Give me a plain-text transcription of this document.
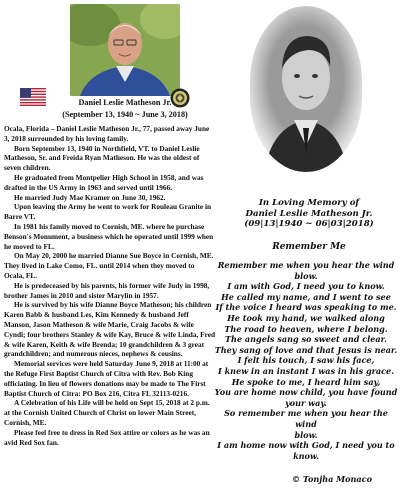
Daniel Leslie Matheson Jr.
(September 13, 1940 ~ June 3, 2018)

Ocala, Florida – Daniel Leslie Matheson Jr., 77, passed away June 3, 2018 surrounded by his loving family.

Born September 13, 1940 in Northfield, VT. to Daniel Leslie Matheson, Sr. and Freida Ryan Matheson. He was the oldest of seven children.

He graduated from Montpelier High School in 1958, and was drafted in the US Army in 1963 and served until 1966.

He married Judy Mae Kramer on June 30, 1962.

Upon leaving the Army he went to work for Rouleau Granite in Barre VT.

In 1981 his family moved to Cornish, ME. where he purchase Benson's Monument, a business which he operated until 1999 when he moved to FL.

On May 20, 2000 he married Dianne Sue Boyce in Cornish, ME. They lived in Lake Como, FL. until 2014 when they moved to Ocala, FL.

He is predeceased by his parents, his former wife Judy in 1998, brother James in 2010 and sister Marylin in 1957.

He is survived by his wife Dianne Boyce Matheson; his children Karen Babb & husband Les, Kim Kennedy & husband Jeff Manson, Jason Matheson & wife Marie, Craig Jacobs & wife Cyndi; four brothers Stanley & wife Kay, Bruce & wife Linda, Fred & wife Karen, Keith & wife Brenda; 10 grandchildren & 3 great grandchildren; and numerous nieces, nephews & cousins.

Memorial services were held Saturday June 9, 2018 at 11:00 at the Refuge First Baptist Church of Citra with Rev. Bob King officiating. In lieu of flowers donations may be made to The First Baptist Church of Citra: PO Box 216, Citra FL 32113-0216.

A Celebration of his Life will be held on Sept 15, 2018 at 2 p.m. at the Cornish United Church of Christ on lower Main Street, Cornish, ME.

Please feel free to dress in Red Sox attire or colors as he was an avid Red Sox fan.

In Loving Memory of
Daniel Leslie Matheson Jr.
(09|13|1940 ~ 06|03|2018)
Remember Me
Remember me when you hear the wind
blow.
I am with God, I need you to know.
He called my name, and I went to see
If the voice I heard was speaking to me.
He took my hand, we walked along
The road to heaven, where I belong.
The angels sang so sweet and clear.
They sang of love and that Jesus is near.
I felt his touch, I saw his face,
I knew in an instant I was in his grace.
He spoke to me, I heard him say,
You are home now child, you have found
your way.
So remember me when you hear the wind
blow.
I am home now with God, I need you to
know.
© Tonjha Monaco
